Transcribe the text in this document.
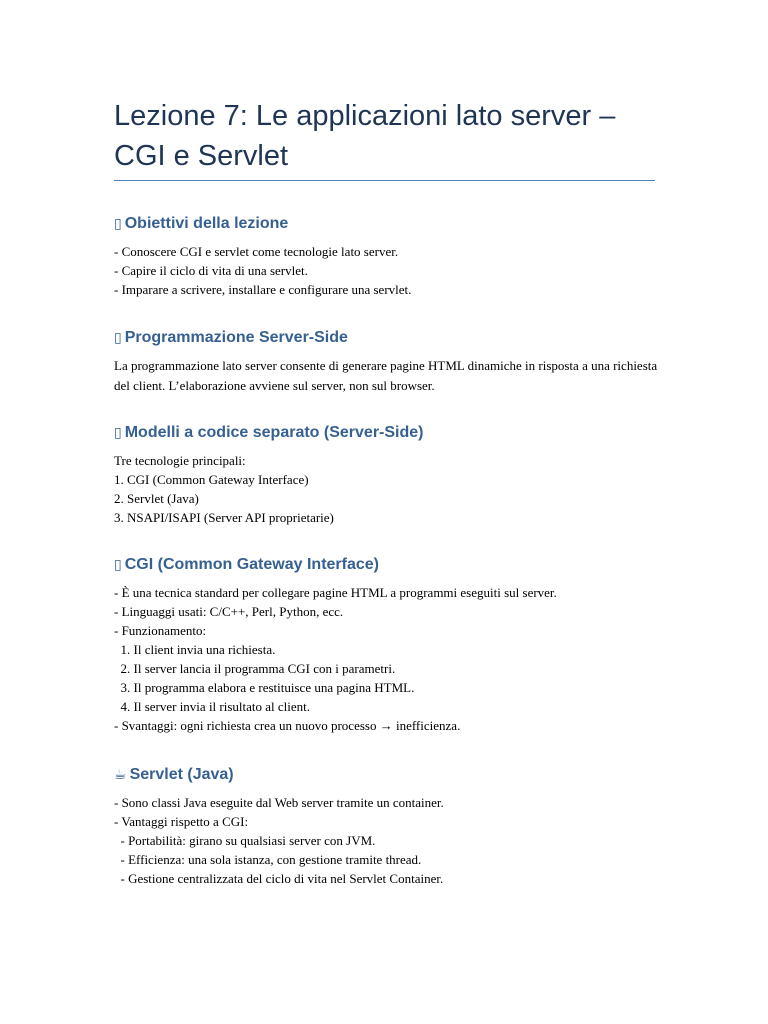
Lezione 7: Le applicazioni lato server – CGI e Servlet
▯ Obiettivi della lezione

- Conoscere CGI e servlet come tecnologie lato server.

- Capire il ciclo di vita di una servlet.

- Imparare a scrivere, installare e configurare una servlet.

▯ Programmazione Server-Side

La programmazione lato server consente di generare pagine HTML dinamiche in risposta a una richiesta del client. L’elaborazione avviene sul server, non sul browser.

▯ Modelli a codice separato (Server-Side)

Tre tecnologie principali:

1. CGI (Common Gateway Interface)

2. Servlet (Java)

3. NSAPI/ISAPI (Server API proprietarie)

▯ CGI (Common Gateway Interface)

- È una tecnica standard per collegare pagine HTML a programmi eseguiti sul server.

- Linguaggi usati: C/C++, Perl, Python, ecc.

- Funzionamento:

1. Il client invia una richiesta.

2. Il server lancia il programma CGI con i parametri.

3. Il programma elabora e restituisce una pagina HTML.

4. Il server invia il risultato al client.

- Svantaggi: ogni richiesta crea un nuovo processo → inefficienza.

☕ Servlet (Java)

- Sono classi Java eseguite dal Web server tramite un container.

- Vantaggi rispetto a CGI:

- Portabilità: girano su qualsiasi server con JVM.

- Efficienza: una sola istanza, con gestione tramite thread.

- Gestione centralizzata del ciclo di vita nel Servlet Container.
